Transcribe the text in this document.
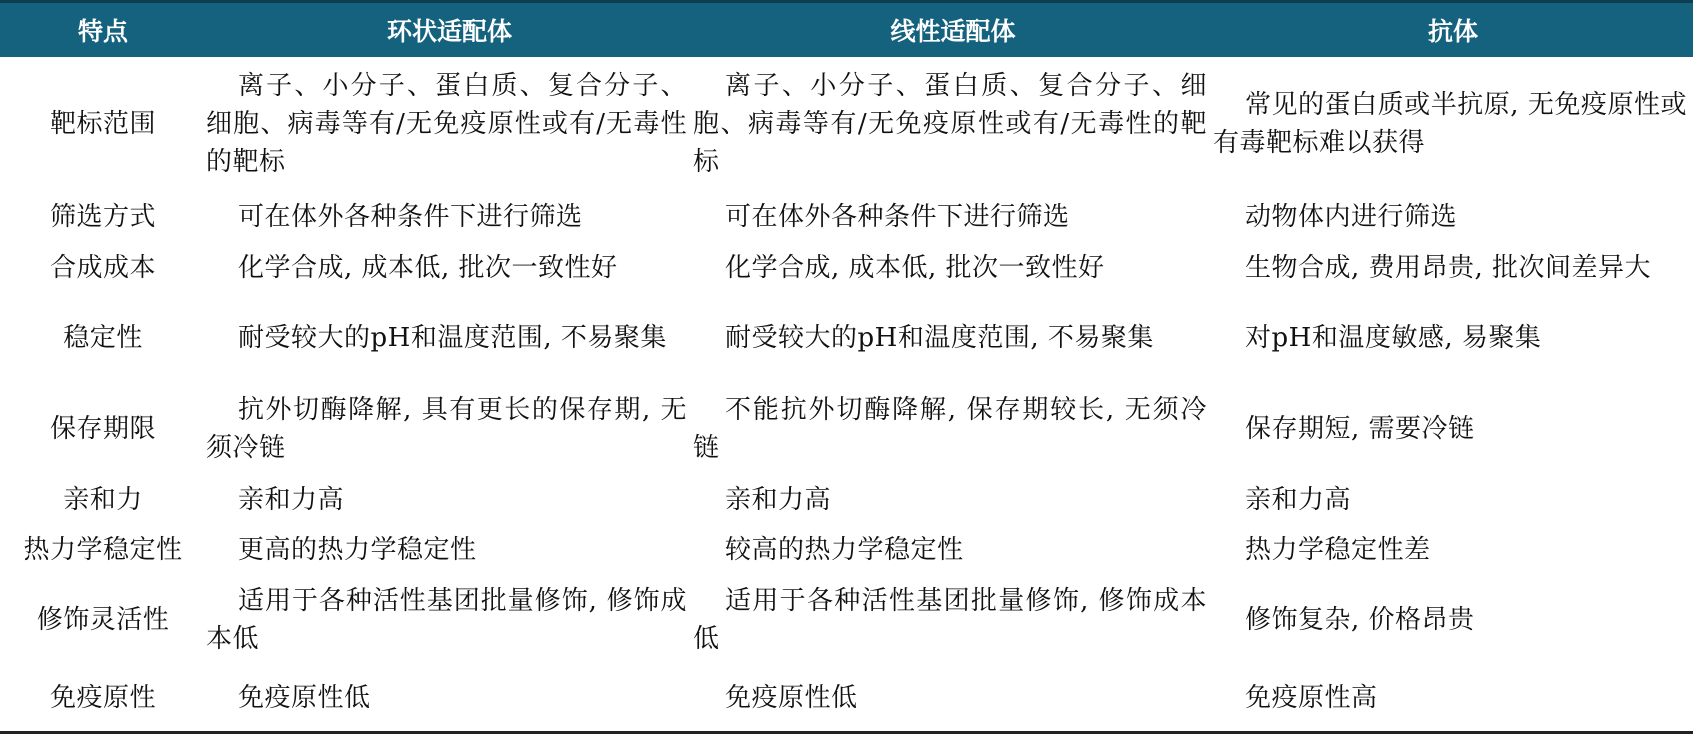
特点	环状适配体	线性适配体	抗体
靶标范围	离子、小分子、蛋白质、复合分子、细胞、病毒等有/无免疫原性或有/无毒性的靶标	离子、小分子、蛋白质、复合分子、细胞、病毒等有/无免疫原性或有/无毒性的靶标	常见的蛋白质或半抗原, 无免疫原性或有毒靶标难以获得
筛选方式	可在体外各种条件下进行筛选	可在体外各种条件下进行筛选	动物体内进行筛选
合成成本	化学合成, 成本低, 批次一致性好	化学合成, 成本低, 批次一致性好	生物合成, 费用昂贵, 批次间差异大
稳定性	耐受较大的pH和温度范围, 不易聚集	耐受较大的pH和温度范围, 不易聚集	对pH和温度敏感, 易聚集
保存期限	抗外切酶降解, 具有更长的保存期, 无须冷链	不能抗外切酶降解, 保存期较长, 无须冷链	保存期短, 需要冷链
亲和力	亲和力高	亲和力高	亲和力高
热力学稳定性	更高的热力学稳定性	较高的热力学稳定性	热力学稳定性差
修饰灵活性	适用于各种活性基团批量修饰, 修饰成本低	适用于各种活性基团批量修饰, 修饰成本低	修饰复杂, 价格昂贵
免疫原性	免疫原性低	免疫原性低	免疫原性高
